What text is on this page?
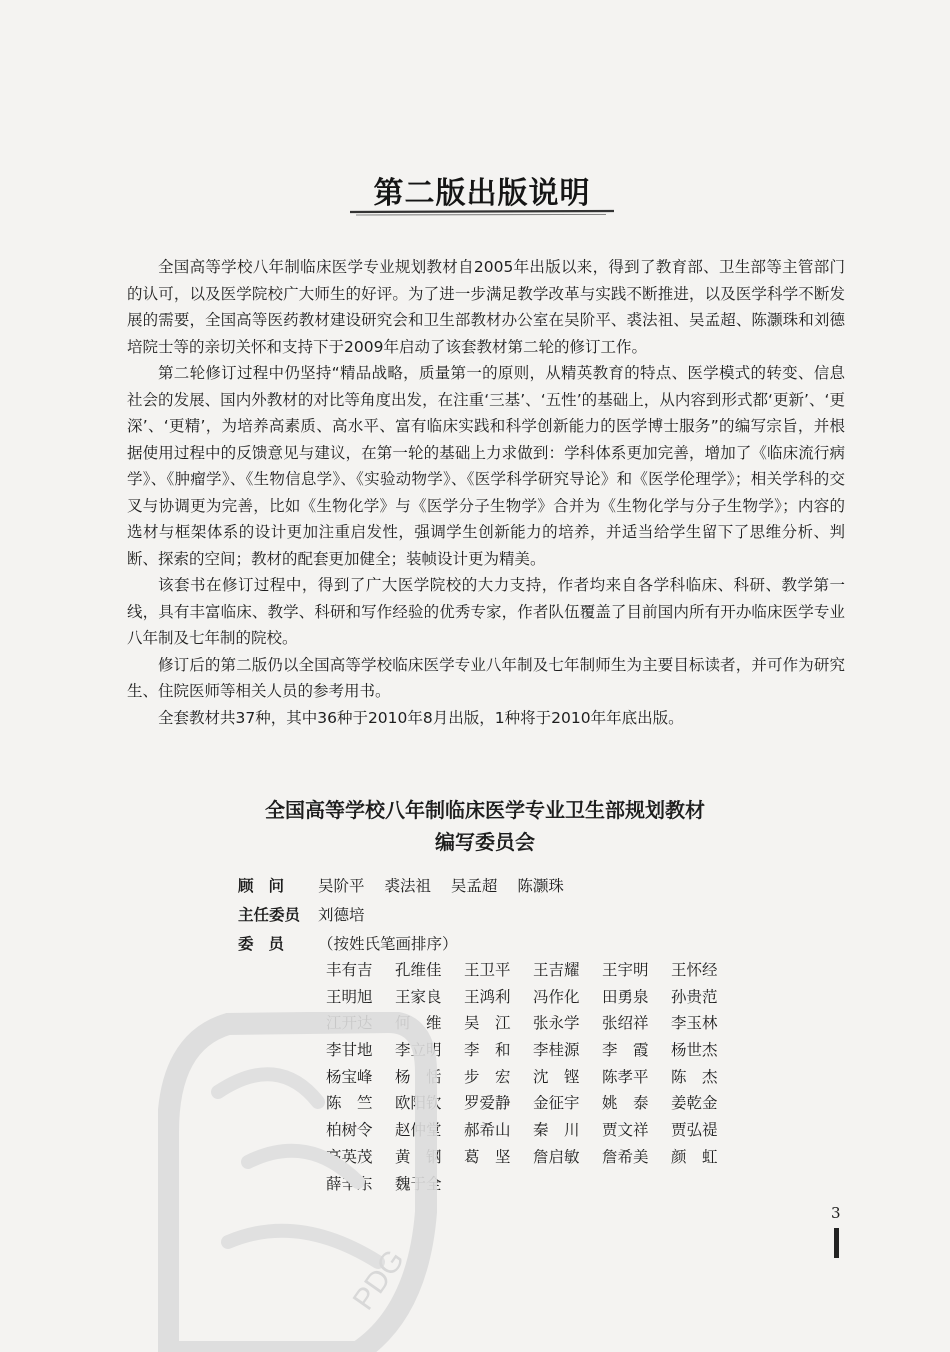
第二版出版说明

全国高等学校八年制临床医学专业规划教材自2005年出版以来，得到了教育部、卫生部等主管部门的认可，以及医学院校广大师生的好评。为了进一步满足教学改革与实践不断推进，以及医学科学不断发展的需要，全国高等医药教材建设研究会和卫生部教材办公室在吴阶平、裘法祖、吴孟超、陈灏珠和刘德培院士等的亲切关怀和支持下于2009年启动了该套教材第二轮的修订工作。

第二轮修订过程中仍坚持“精品战略，质量第一的原则，从精英教育的特点、医学模式的转变、信息社会的发展、国内外教材的对比等角度出发，在注重‘三基’、‘五性’的基础上，从内容到形式都‘更新’、‘更深’、‘更精’，为培养高素质、高水平、富有临床实践和科学创新能力的医学博士服务”的编写宗旨，并根据使用过程中的反馈意见与建议，在第一轮的基础上力求做到：学科体系更加完善，增加了《临床流行病学》、《肿瘤学》、《生物信息学》、《实验动物学》、《医学科学研究导论》和《医学伦理学》；相关学科的交叉与协调更为完善，比如《生物化学》与《医学分子生物学》合并为《生物化学与分子生物学》；内容的选材与框架体系的设计更加注重启发性，强调学生创新能力的培养，并适当给学生留下了思维分析、判断、探索的空间；教材的配套更加健全；装帧设计更为精美。

该套书在修订过程中，得到了广大医学院校的大力支持，作者均来自各学科临床、科研、教学第一线，具有丰富临床、教学、科研和写作经验的优秀专家，作者队伍覆盖了目前国内所有开办临床医学专业八年制及七年制的院校。

修订后的第二版仍以全国高等学校临床医学专业八年制及七年制师生为主要目标读者，并可作为研究生、住院医师等相关人员的参考用书。

全套教材共37种，其中36种于2010年8月出版，1种将于2010年年底出版。

全国高等学校八年制临床医学专业卫生部规划教材
编写委员会
顾问	吴阶平 裘法祖 吴孟超 陈灏珠
主任委员	刘德培
委员	（按姓氏笔画排序）
丰有吉	孔维佳	王卫平	王吉耀	王宇明	王怀经
王明旭	王家良	王鸿利	冯作化	田勇泉	孙贵范
江开达	何　维	吴　江	张永学	张绍祥	李玉林
李甘地	李立明	李　和	李桂源	李　霞	杨世杰
杨宝峰	杨　恬	步　宏	沈　铿	陈孝平	陈　杰
陈　竺	欧阳钦	罗爱静	金征宇	姚　泰	姜乾金
柏树令	赵仲堂	郝希山	秦　川	贾文祥	贾弘禔
高英茂	黄　钢	葛　坚	詹启敏	詹希美	颜　虹
薛辛东	魏于全
PDG
3
